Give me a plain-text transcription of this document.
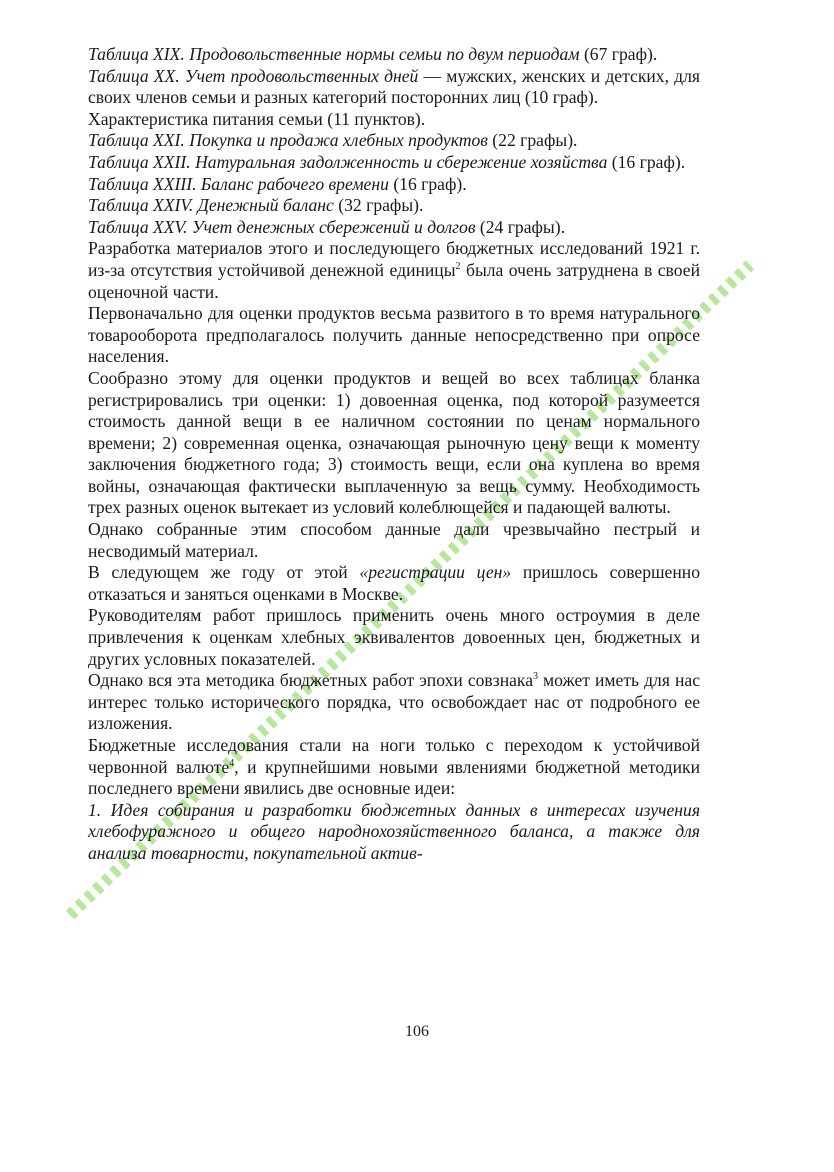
Таблица XIX. Продовольственные нормы семьи по двум периодам (67 граф).

Таблица XX. Учет продовольственных дней — мужских, женских и детских, для своих членов семьи и разных категорий посторонних лиц (10 граф).

Характеристика питания семьи (11 пунктов).

Таблица XXI. Покупка и продажа хлебных продуктов (22 графы).

Таблица XXII. Натуральная задолженность и сбережение хозяйства (16 граф).

Таблица XXIII. Баланс рабочего времени (16 граф).

Таблица XXIV. Денежный баланс (32 графы).

Таблица XXV. Учет денежных сбережений и долгов (24 графы).

Разработка материалов этого и последующего бюджетных исследований 1921 г. из-за отсутствия устойчивой денежной единицы$^2$ была очень затруднена в своей оценочной части.

Первоначально для оценки продуктов весьма развитого в то время натурального товарооборота предполагалось получить данные непосредственно при опросе населения.

Сообразно этому для оценки продуктов и вещей во всех таблицах бланка регистрировались три оценки: 1) довоенная оценка, под которой разумеется стоимость данной вещи в ее наличном состоянии по ценам нормального времени; 2) современная оценка, означающая рыночную цену вещи к моменту заключения бюджетного года; 3) стоимость вещи, если она куплена во время войны, означающая фактически выплаченную за вещь сумму. Необходимость трех разных оценок вытекает из условий колеблющейся и падающей валюты.

Однако собранные этим способом данные дали чрезвычайно пестрый и несводимый материал.

В следующем же году от этой «регистрации цен» пришлось совершенно отказаться и заняться оценками в Москве.

Руководителям работ пришлось применить очень много остроумия в деле привлечения к оценкам хлебных эквивалентов довоенных цен, бюджетных и других условных показателей.

Однако вся эта методика бюджетных работ эпохи совзнака$^3$ может иметь для нас интерес только исторического порядка, что освобождает нас от подробного ее изложения.

Бюджетные исследования стали на ноги только с переходом к устойчивой червонной валюте$^4$, и крупнейшими новыми явлениями бюджетной методики последнего времени явились две основные идеи:

1. Идея собирания и разработки бюджетных данных в интересах изучения хлебофуражного и общего народнохозяйственного баланса, а также для анализа товарности, покупательной актив-

106
